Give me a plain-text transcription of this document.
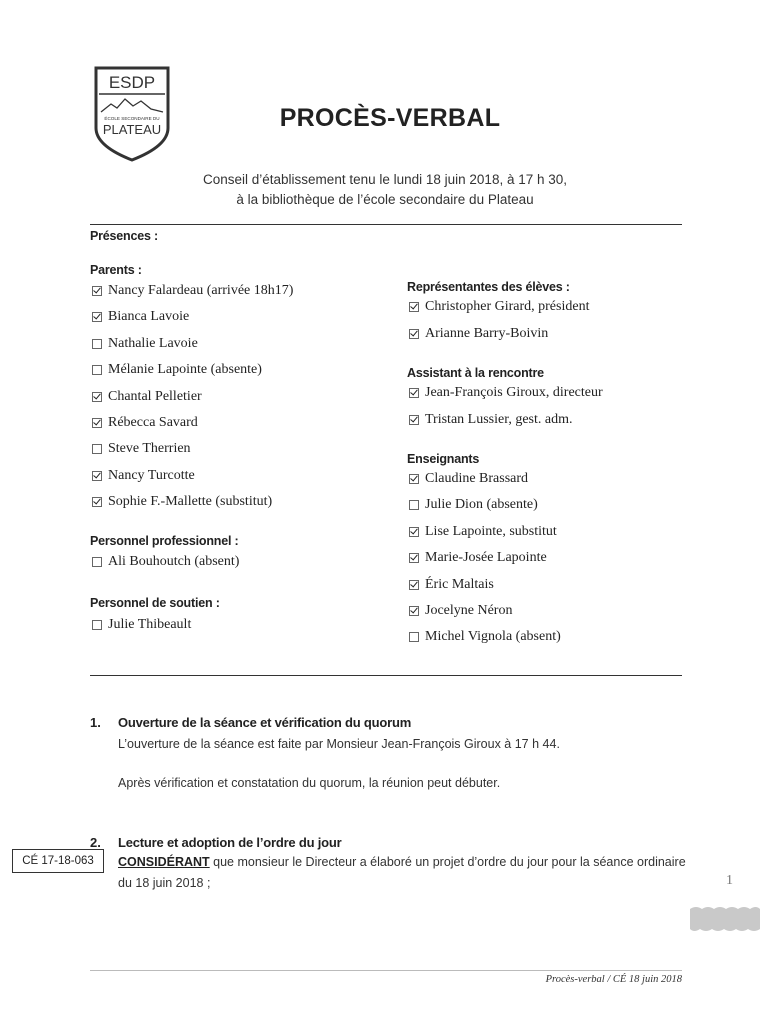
ESDP
ÉCOLE SECONDAIRE DU
PLATEAU	PROCÈS-VERBAL
Conseil d’établissement tenu le lundi 18 juin 2018, à 17 h 30,
à la bibliothèque de l’école secondaire du Plateau
Présences :
Parents :
Nancy Falardeau (arrivée 18h17)
Bianca Lavoie
Nathalie Lavoie
Mélanie Lapointe (absente)
Chantal Pelletier
Rébecca Savard
Steve Therrien
Nancy Turcotte
Sophie F.-Mallette (substitut)
Personnel professionnel :
Ali Bouhoutch (absent)
Personnel de soutien :
Julie Thibeault
Représentantes des élèves :
Christopher Girard, président
Arianne Barry-Boivin
Assistant à la rencontre
Jean-François Giroux, directeur
Tristan Lussier, gest. adm.
Enseignants
Claudine Brassard
Julie Dion (absente)
Lise Lapointe, substitut
Marie-Josée Lapointe
Éric Maltais
Jocelyne Néron
Michel Vignola (absent)
1. Ouverture de la séance et vérification du quorum
L’ouverture de la séance est faite par Monsieur Jean-François Giroux à 17 h 44.
Après vérification et constatation du quorum, la réunion peut débuter.
2. Lecture et adoption de l’ordre du jour
CONSIDÉRANT que monsieur le Directeur a élaboré un projet d’ordre du jour pour la séance ordinaire
du 18 juin 2018 ;
CÉ 17-18-063
1
Procès-verbal / CÉ 18 juin 2018
